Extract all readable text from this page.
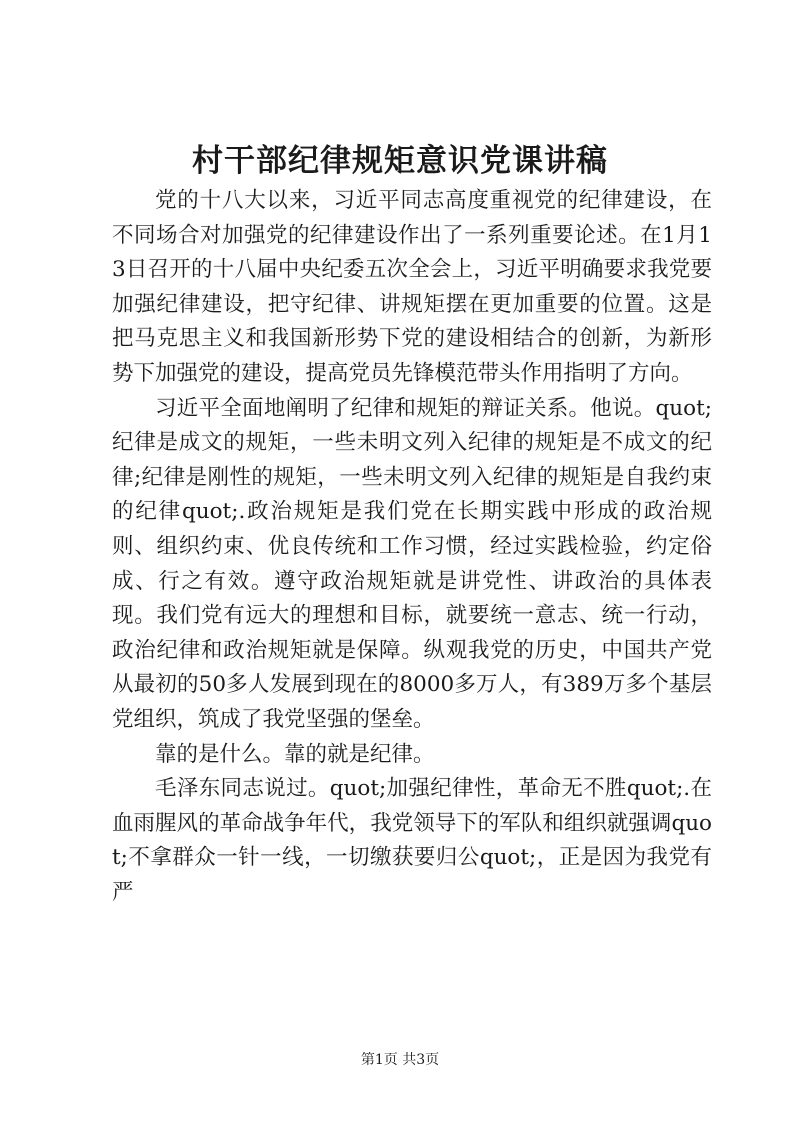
村干部纪律规矩意识党课讲稿

党的十八大以来，习近平同志高度重视党的纪律建设，在不同场合对加强党的纪律建设作出了一系列重要论述。在1月13日召开的十八届中央纪委五次全会上，习近平明确要求我党要加强纪律建设，把守纪律、讲规矩摆在更加重要的位置。这是把马克思主义和我国新形势下党的建设相结合的创新，为新形势下加强党的建设，提高党员先锋模范带头作用指明了方向。

习近平全面地阐明了纪律和规矩的辩证关系。他说。quot;纪律是成文的规矩，一些未明文列入纪律的规矩是不成文的纪律;纪律是刚性的规矩，一些未明文列入纪律的规矩是自我约束的纪律quot;.政治规矩是我们党在长期实践中形成的政治规则、组织约束、优良传统和工作习惯，经过实践检验，约定俗成、行之有效。遵守政治规矩就是讲党性、讲政治的具体表现。我们党有远大的理想和目标，就要统一意志、统一行动，政治纪律和政治规矩就是保障。纵观我党的历史，中国共产党从最初的50多人发展到现在的8000多万人，有389万多个基层党组织，筑成了我党坚强的堡垒。

靠的是什么。靠的就是纪律。

毛泽东同志说过。quot;加强纪律性，革命无不胜quot;.在血雨腥风的革命战争年代，我党领导下的军队和组织就强调quot;不拿群众一针一线，一切缴获要归公quot;，正是因为我党有严

第1页 共3页
